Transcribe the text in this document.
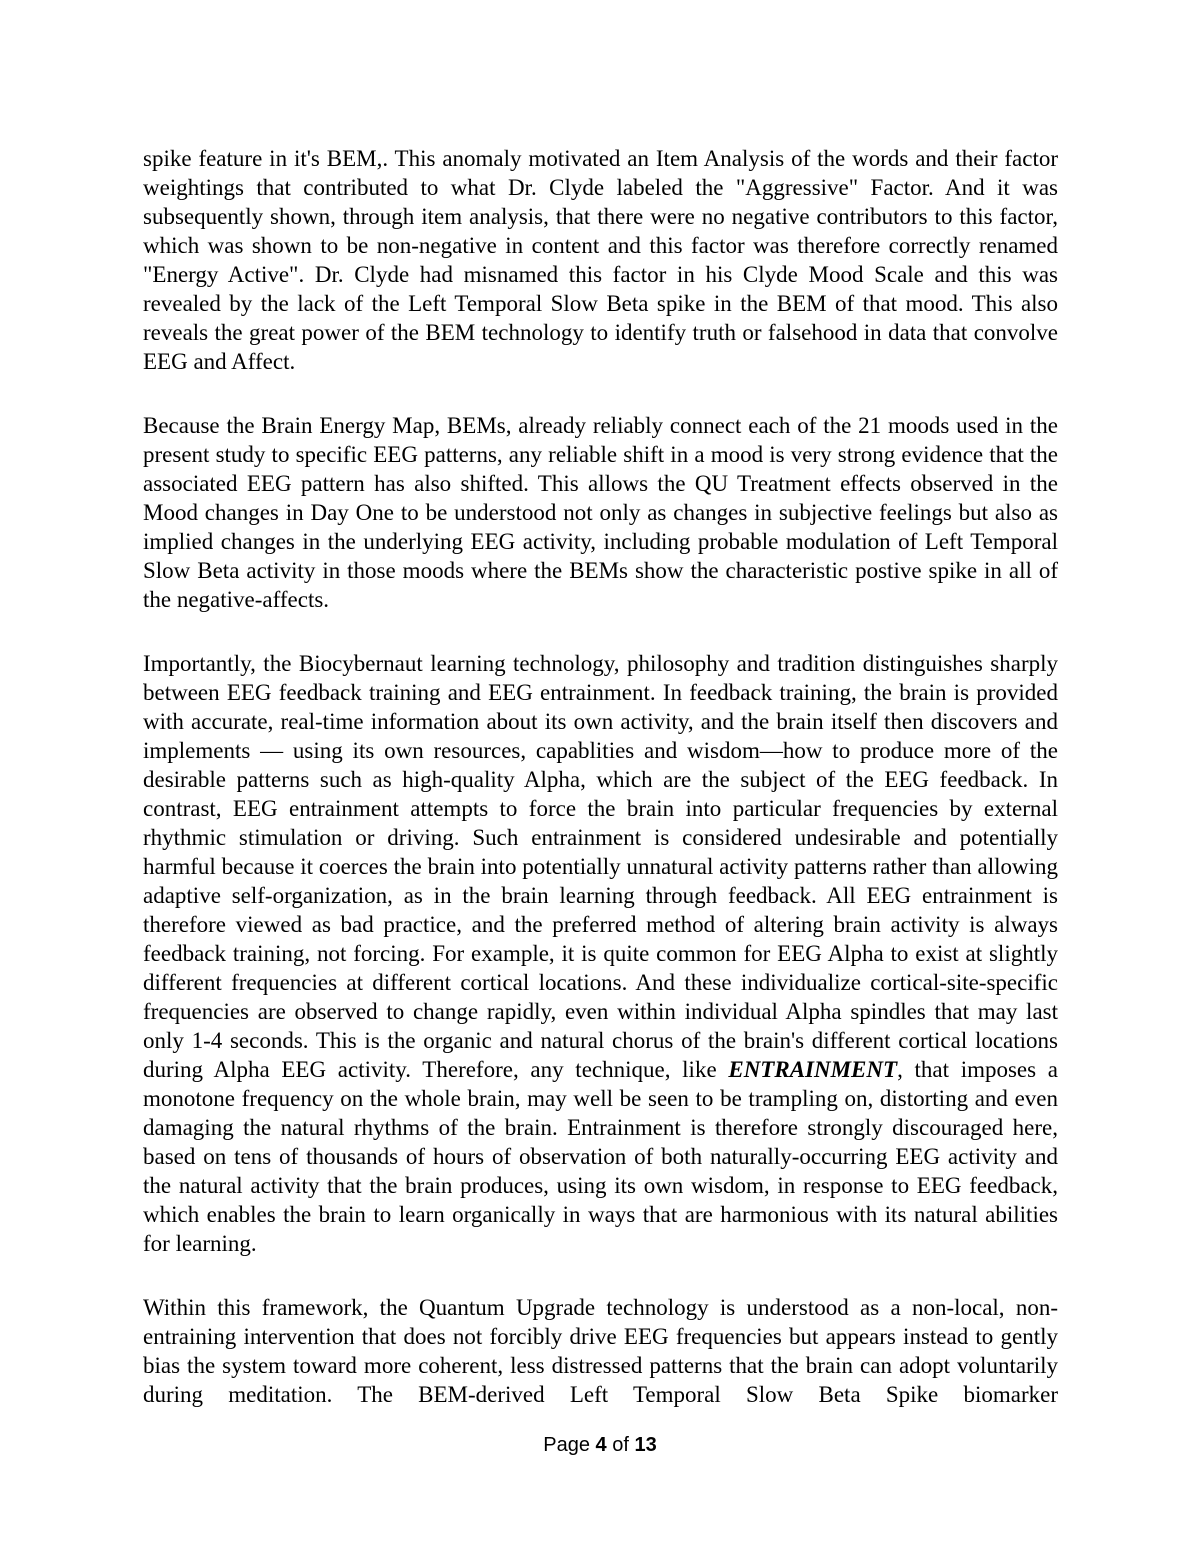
spike feature in it's BEM,. This anomaly motivated an Item Analysis of the words and their factor weightings that contributed to what Dr. Clyde labeled the "Aggressive" Factor. And it was subsequently shown, through item analysis, that there were no negative contributors to this factor, which was shown to be non-negative in content and this factor was therefore correctly renamed "Energy Active". Dr. Clyde had misnamed this factor in his Clyde Mood Scale and this was revealed by the lack of the Left Temporal Slow Beta spike in the BEM of that mood. This also reveals the great power of the BEM technology to identify truth or falsehood in data that convolve EEG and Affect.

Because the Brain Energy Map, BEMs, already reliably connect each of the 21 moods used in the present study to specific EEG patterns, any reliable shift in a mood is very strong evidence that the associated EEG pattern has also shifted. This allows the QU Treatment effects observed in the Mood changes in Day One to be understood not only as changes in subjective feelings but also as implied changes in the underlying EEG activity, including probable modulation of Left Temporal Slow Beta activity in those moods where the BEMs show the characteristic postive spike in all of the negative-affects.

Importantly, the Biocybernaut learning technology, philosophy and tradition distinguishes sharply between EEG feedback training and EEG entrainment. In feedback training, the brain is provided with accurate, real-time information about its own activity, and the brain itself then discovers and implements — using its own resources, capablities and wisdom—how to produce more of the desirable patterns such as high-quality Alpha, which are the subject of the EEG feedback. In contrast, EEG entrainment attempts to force the brain into particular frequencies by external rhythmic stimulation or driving. Such entrainment is considered undesirable and potentially harmful because it coerces the brain into potentially unnatural activity patterns rather than allowing adaptive self-organization, as in the brain learning through feedback. All EEG entrainment is therefore viewed as bad practice, and the preferred method of altering brain activity is always feedback training, not forcing. For example, it is quite common for EEG Alpha to exist at slightly different frequencies at different cortical locations. And these individualize cortical-site-specific frequencies are observed to change rapidly, even within individual Alpha spindles that may last only 1-4 seconds. This is the organic and natural chorus of the brain's different cortical locations during Alpha EEG activity. Therefore, any technique, like ENTRAINMENT, that imposes a monotone frequency on the whole brain, may well be seen to be trampling on, distorting and even damaging the natural rhythms of the brain. Entrainment is therefore strongly discouraged here, based on tens of thousands of hours of observation of both naturally-occurring EEG activity and the natural activity that the brain produces, using its own wisdom, in response to EEG feedback, which enables the brain to learn organically in ways that are harmonious with its natural abilities for learning.

Within this framework, the Quantum Upgrade technology is understood as a non-local, non-entraining intervention that does not forcibly drive EEG frequencies but appears instead to gently bias the system toward more coherent, less distressed patterns that the brain can adopt voluntarily during meditation. The BEM-derived Left Temporal Slow Beta Spike biomarker

Page 4 of 13
